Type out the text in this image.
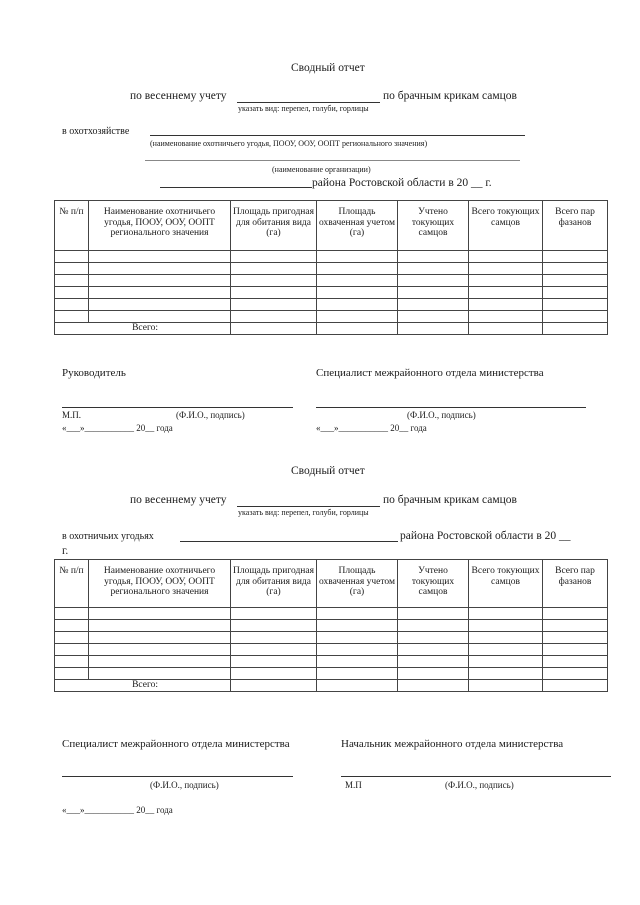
Сводный отчет
по весеннему учету	по брачным крикам самцов
указать вид: перепел, голуби, горлицы
в охотхозяйстве
(наименование охотничьего угодья, ПООУ, ООУ, ООПТ регионального значения)
(наименование организации)
района Ростовской области в 20 __ г.
№ п/п	Наименование охотничьего угодья, ПООУ, ООУ, ООПТ регионального значения	Площадь пригодная для обитания вида (га)	Площадь охваченная учетом (га)	Учтено токующих самцов	Всего токующих самцов	Всего пар фазанов

Всего:						
Руководитель	Специалист межрайонного отдела министерства
М.П.	(Ф.И.О., подпись)	(Ф.И.О., подпись)
«___»___________ 20__ года	«___»___________ 20__ года
Сводный отчет
по весеннему учету	по брачным крикам самцов
указать вид: перепел, голуби, горлицы
в охотничьих угодьях	района Ростовской области в 20 __
г.
№ п/п	Наименование охотничьего угодья, ПООУ, ООУ, ООПТ регионального значения	Площадь пригодная для обитания вида (га)	Площадь охваченная учетом (га)	Учтено токующих самцов	Всего токующих самцов	Всего пар фазанов

Всего:						
Специалист межрайонного отдела министерства	Начальник межрайонного отдела министерства
(Ф.И.О., подпись)	М.П	(Ф.И.О., подпись)
«___»___________ 20__ года
